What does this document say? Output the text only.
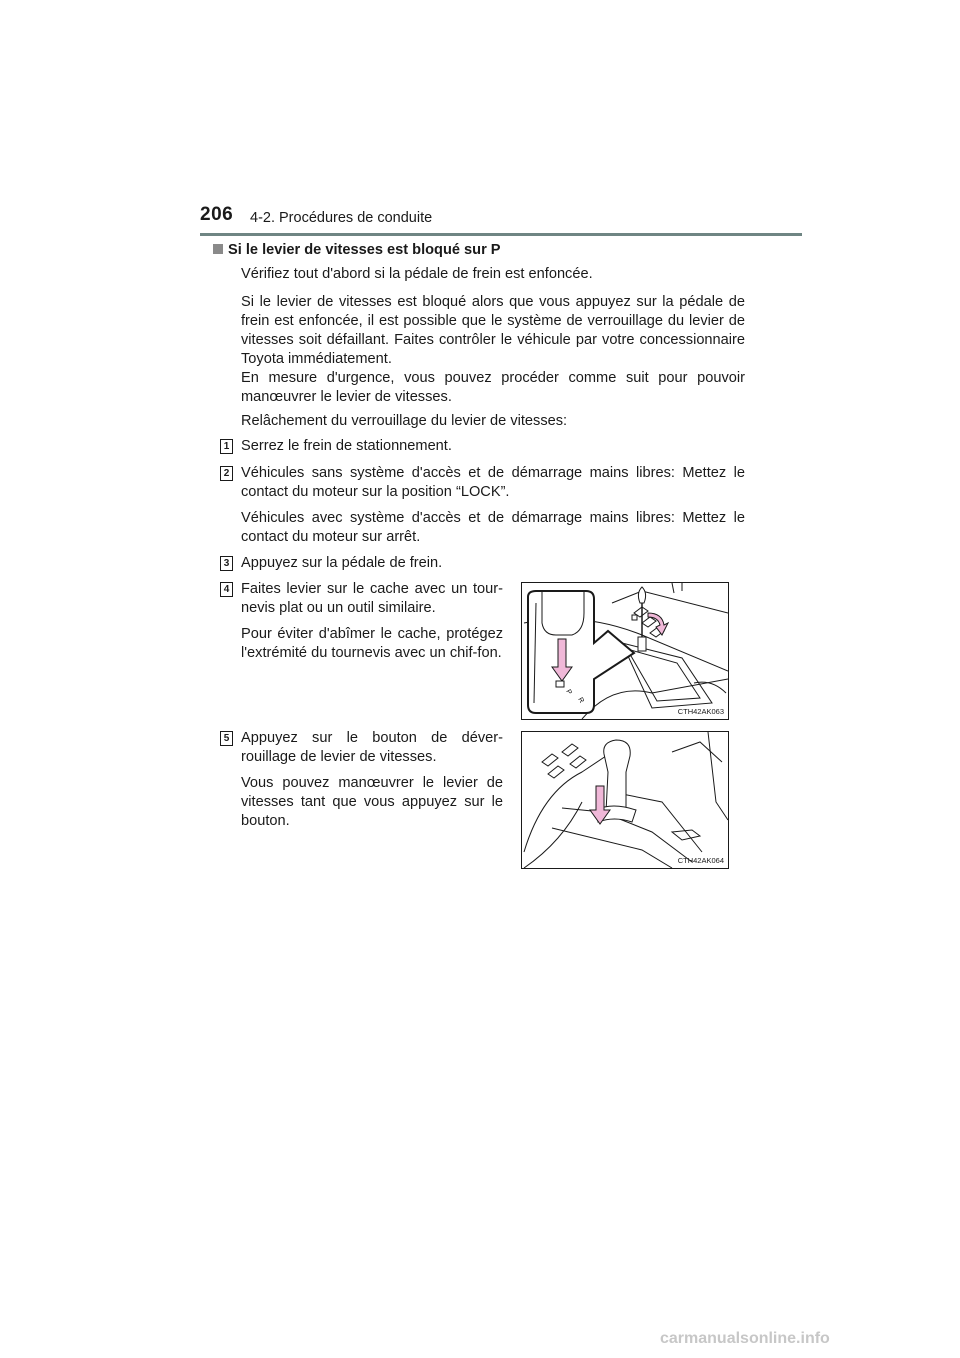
206 4-2. Procédures de conduite
Si le levier de vitesses est bloqué sur P
Vérifiez tout d'abord si la pédale de frein est enfoncée.
Si le levier de vitesses est bloqué alors que vous appuyez sur la pédale de frein est enfoncée, il est possible que le système de verrouillage du levier de vitesses soit défaillant. Faites contrôler le véhicule par votre concessionnaire Toyota immédiatement.
En mesure d'urgence, vous pouvez procéder comme suit pour pouvoir manœuvrer le levier de vitesses.
Relâchement du verrouillage du levier de vitesses:
1 Serrez le frein de stationnement.
2 Véhicules sans système d'accès et de démarrage mains libres: Mettez le contact du moteur sur la position “LOCK”.
Véhicules avec système d'accès et de démarrage mains libres: Mettez le contact du moteur sur arrêt.
3 Appuyez sur la pédale de frein.
4 Faites levier sur le cache avec un tour-nevis plat ou un outil similaire.
Pour éviter d'abîmer le cache, protégez l'extrémité du tournevis avec un chif-fon.
5 Appuyez sur le bouton de déver-rouillage de levier de vitesses.
Vous pouvez manœuvrer le levier de vitesses tant que vous appuyez sur le bouton.
P
R
CTH42AK063
CTH42AK064
carmanualsonline.info
